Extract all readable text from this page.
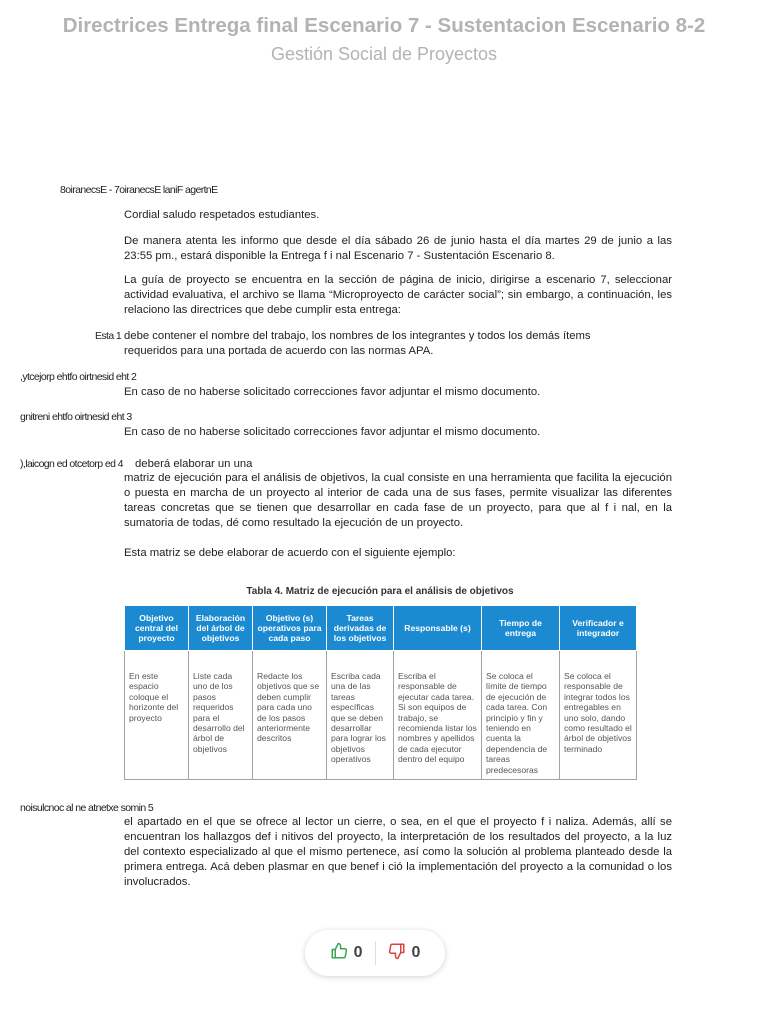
Directrices Entrega final Escenario 7 - Sustentacion Escenario 8-2
Gestión Social de Proyectos
8oiranecsE - 7oiranecsE laniF agertnE

Cordial saludo respetados estudiantes.

De manera atenta les informo que desde el día sábado 26 de junio hasta el día martes 29 de junio a las 23:55 pm., estará disponible la Entrega f i nal Escenario 7 - Sustentación Escenario 8.

La guía de proyecto se encuentra en la sección de página de inicio, dirigirse a escenario 7, seleccionar actividad evaluativa, el archivo se llama “Microproyecto de carácter social”; sin embargo, a continuación, les relaciono las directrices que debe cumplir esta entrega:

Esta 1 debe contener el nombre del trabajo, los nombres de los integrantes y todos los demás ítems

requeridos para una portada de acuerdo con las normas APA.

,ytcejorp ehtfo oirtnesid eht 2

En caso de no haberse solicitado correcciones favor adjuntar el mismo documento.

gnitreni ehtfo oirtnesid eht 3

En caso de no haberse solicitado correcciones favor adjuntar el mismo documento.

),laicogn ed otcetorp ed 4 deberá elaborar un una

matriz de ejecución para el análisis de objetivos, la cual consiste en una herramienta que facilita la ejecución o puesta en marcha de un proyecto al interior de cada una de sus fases, permite visualizar las diferentes tareas concretas que se tienen que desarrollar en cada fase de un proyecto, para que al f i nal, en la sumatoria de todas, dé como resultado la ejecución de un proyecto.

Esta matriz se debe elaborar de acuerdo con el siguiente ejemplo:

Tabla 4. Matriz de ejecución para el análisis de objetivos
Objetivo central del proyecto	Elaboración del árbol de objetivos	Objetivo (s) operativos para cada paso	Tareas derivadas de los objetivos	Responsable (s)	Tiempo de entrega	Verificador e integrador
En este espacio coloque el horizonte del proyecto	Liste cada uno de los pasos requeridos para el desarrollo del árbol de objetivos	Redacte los objetivos que se deben cumplir para cada uno de los pasos anteriormente descritos	Escriba cada una de las tareas específicas que se deben desarrollar para lograr los objetivos operativos	Escriba el responsable de ejecutar cada tarea. Si son equipos de trabajo, se recomienda listar los nombres y apellidos de cada ejecutor dentro del equipo	Se coloca el límite de tiempo de ejecución de cada tarea. Con principio y fin y teniendo en cuenta la dependencia de tareas predecesoras	Se coloca el responsable de integrar todos los entregables en uno solo, dando como resultado el árbol de objetivos terminado
noisulcnoc al ne atnetxe somin 5

el apartado en el que se ofrece al lector un cierre, o sea, en el que el proyecto f i naliza. Además, allí se encuentran los hallazgos def i nitivos del proyecto, la interpretación de los resultados del proyecto, a la luz del contexto especializado al que el mismo pertenece, así como la solución al problema planteado desde la primera entrega. Acá deben plasmar en que benef i ció la implementación del proyecto a la comunidad o los involucrados.

0	0
